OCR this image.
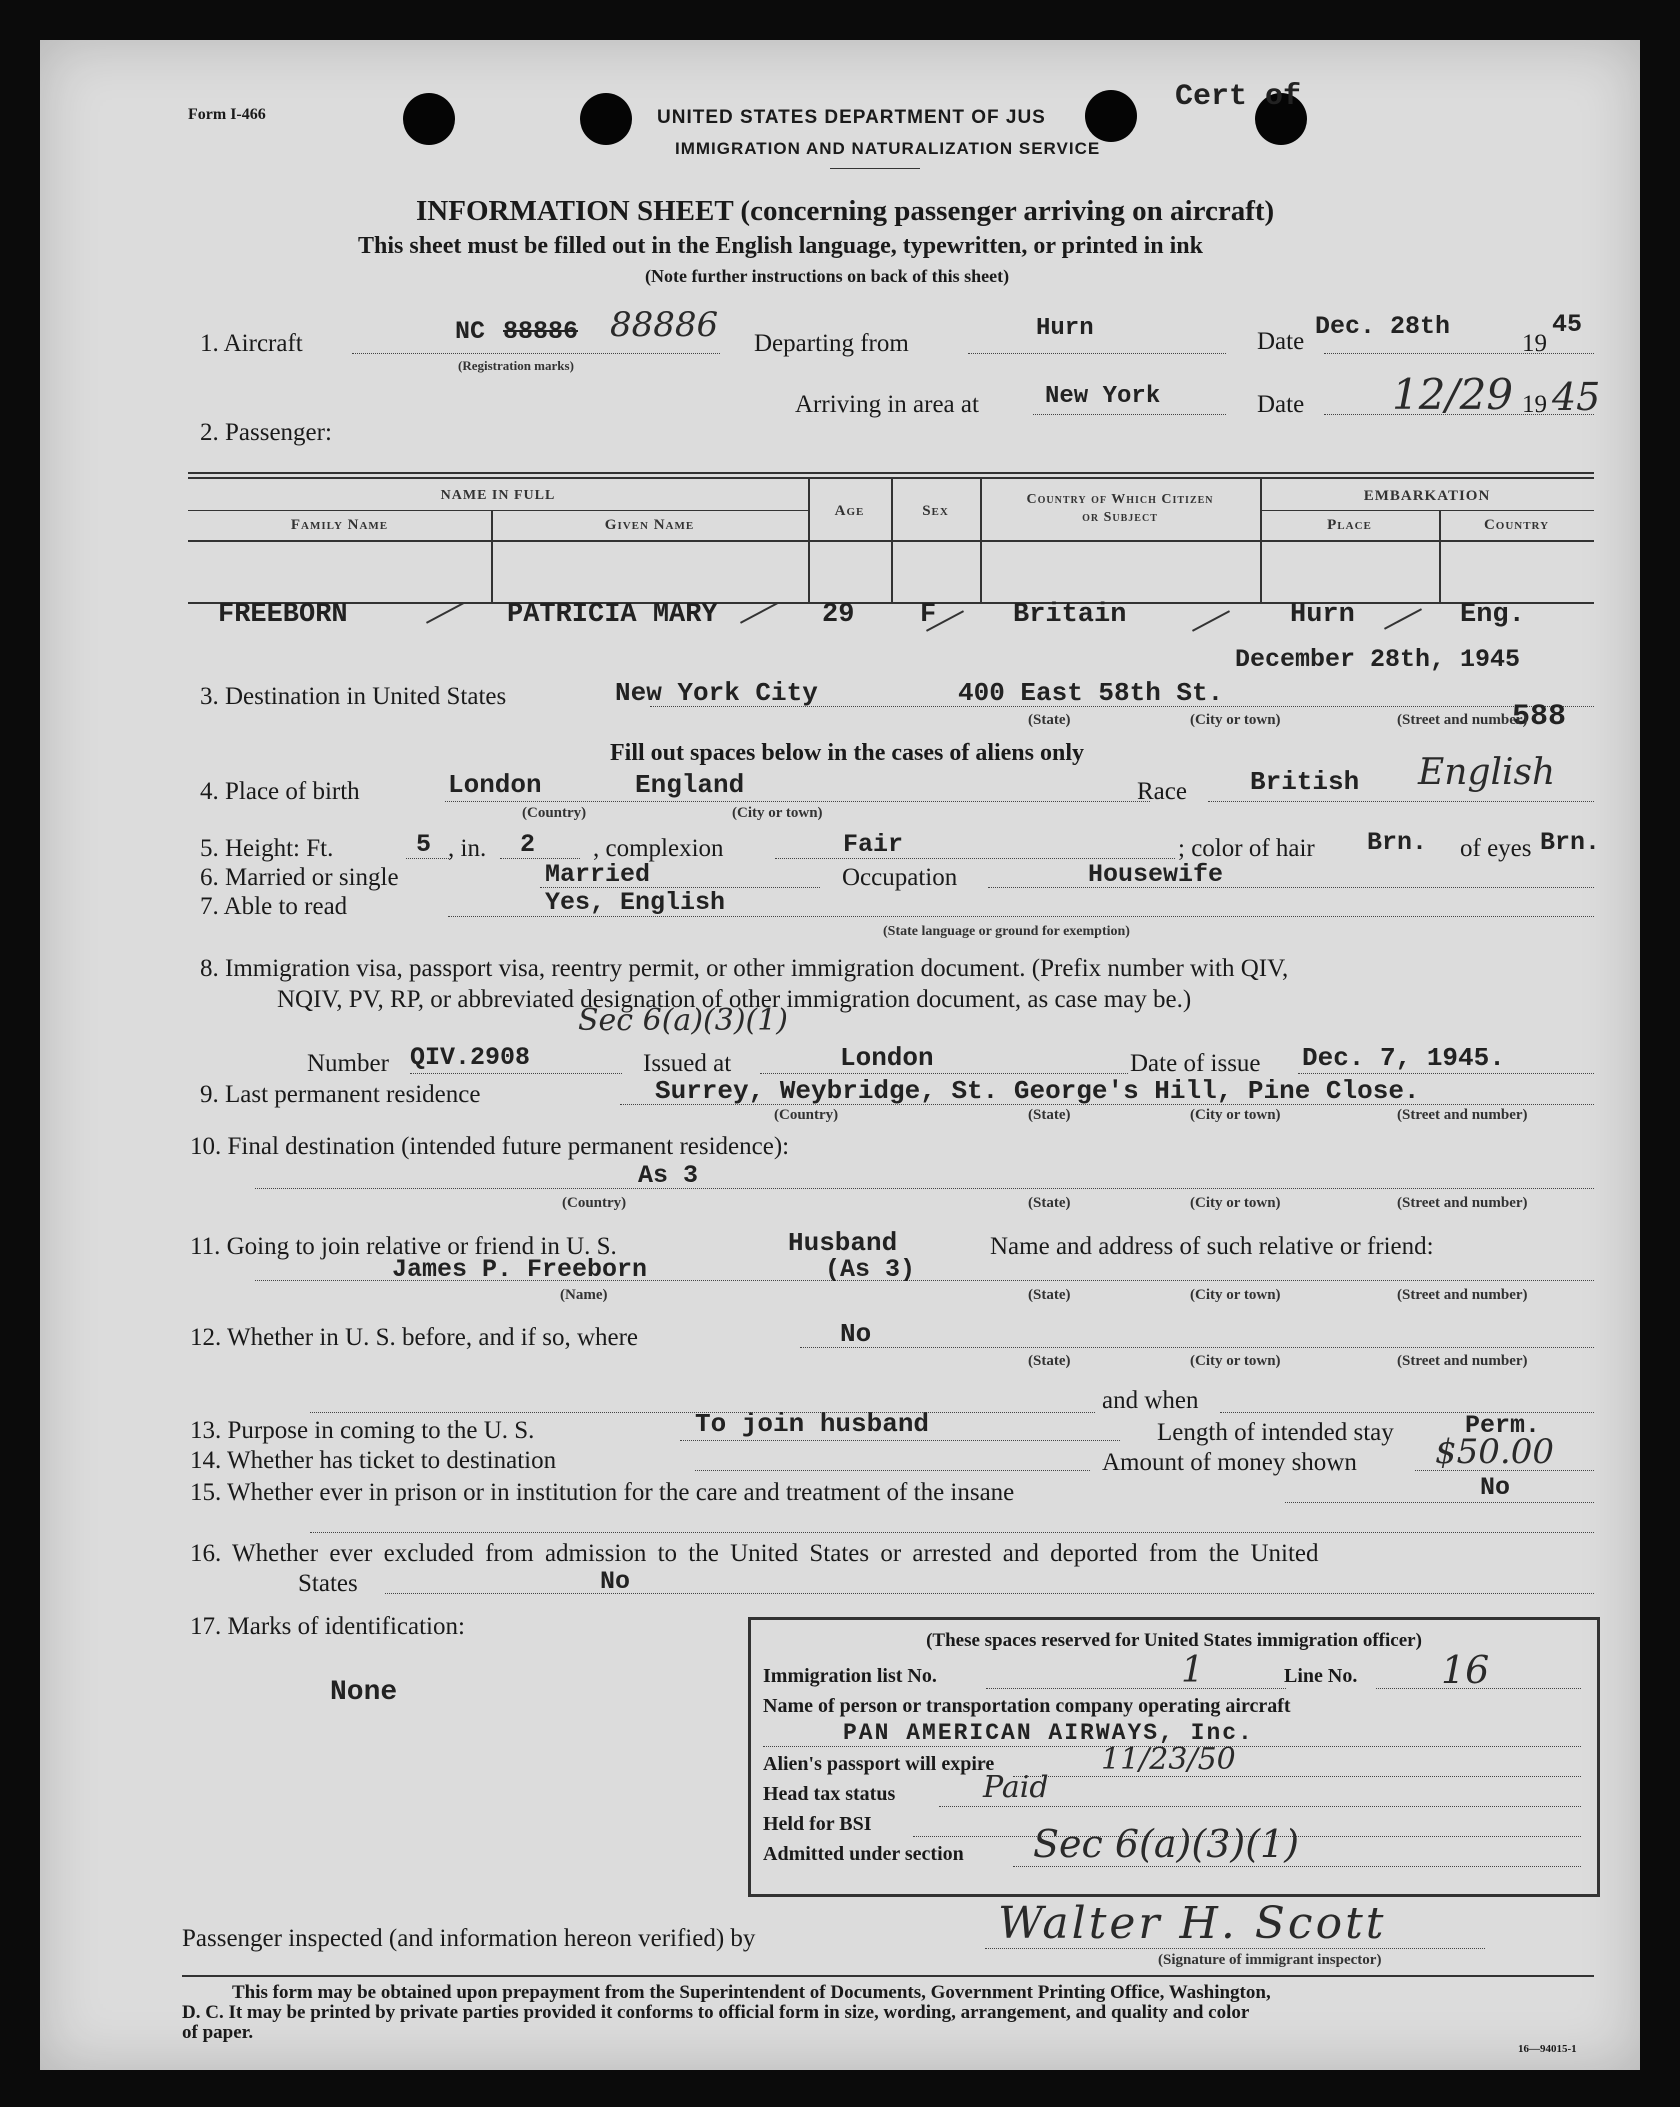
Form I-466	UNITED STATES DEPARTMENT OF JUS
IMMIGRATION AND NATURALIZATION SERVICE
Cert of
INFORMATION SHEET (concerning passenger arriving on aircraft)
This sheet must be filled out in the English language, typewritten, or printed in ink
(Note further instructions on back of this sheet)
1. Aircraft	NC 88886 88886
(Registration marks)
Departing from
Hurn	Date
Dec. 28th
19
45
Arriving in area at	New York	Date 12/29 19 45
2. Passenger:
NAME IN FULL
Family Name	Given Name
Age	Sex
Country of Which Citizen
or Subject
EMBARKATION
Place	Country
FREEBORN	PATRICIA MARY	29 F	Britain	Hurn	Eng.
December 28th, 1945
3. Destination in United States	New York City	400 East 58th St.
588
(State)	(City or town)	(Street and number)
Fill out spaces below in the cases of aliens only
4. Place of birth	London	England
(Country)	(City or town)
Race British English
5. Height: Ft.	5 , in. 2 , complexion	Fair	; color of hair Brn. of eyes Brn.
6. Married or single	Married	Occupation	Housewife
7. Able to read	Yes, English
(State language or ground for exemption)
8. Immigration visa, passport visa, reentry permit, or other immigration document. (Prefix number with QIV,
NQIV, PV, RP, or abbreviated designation of other immigration document, as case may be.)
Sec 6(a)(3)(1)
Number QIV.2908	Issued at	London	Date of issue Dec. 7, 1945.
9. Last permanent residence	Surrey, Weybridge, St. George's Hill, Pine Close.
(Country)	(State)	(City or town)	(Street and number)
10. Final destination (intended future permanent residence):
As 3
(Country)	(State)	(City or town)	(Street and number)
11. Going to join relative or friend in U. S.	Husband	Name and address of such relative or friend:
James P. Freeborn	(As 3)
(Name)	(State)	(City or town)	(Street and number)
12. Whether in U. S. before, and if so, where	No
(State)	(City or town)	(Street and number)
and when
13. Purpose in coming to the U. S.	To join husband	Length of intended stay	Perm.
14. Whether has ticket to destination	Amount of money shown $50.00
15. Whether ever in prison or in institution for the care and treatment of the insane	No
16. Whether ever excluded from admission to the United States or arrested and deported from the United
States	No
17. Marks of identification:
None
(These spaces reserved for United States immigration officer)
Immigration list No.	1	Line No. 16
Name of person or transportation company operating aircraft
PAN AMERICAN AIRWAYS, Inc.
Alien's passport will expire	11/23/50
Head tax status	Paid
Held for BSI
Admitted under section Sec 6(a)(3)(1)
Passenger inspected (and information hereon verified) by	Walter H. Scott
(Signature of immigrant inspector)
This form may be obtained upon prepayment from the Superintendent of Documents, Government Printing Office, Washington,
D. C. It may be printed by private parties provided it conforms to official form in size, wording, arrangement, and quality and color
of paper.
16—94015-1
